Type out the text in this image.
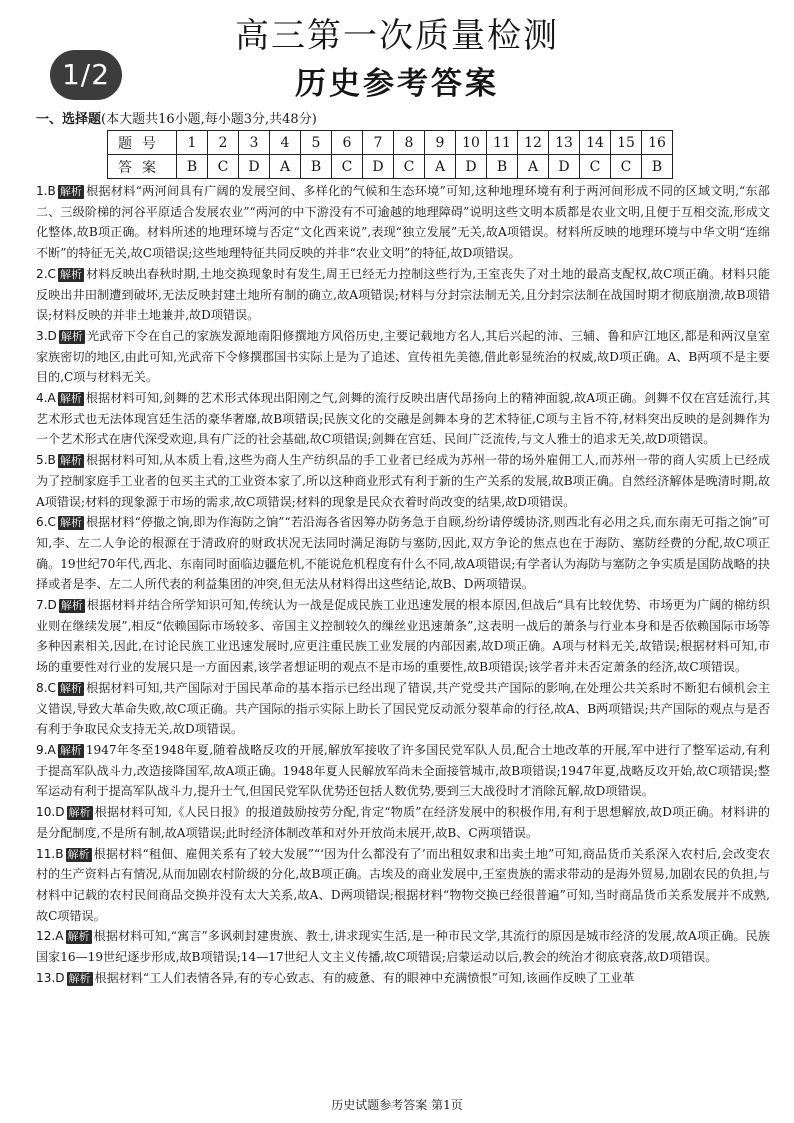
高三第一次质量检测
1/2	历史参考答案
一、选择题(本大题共16小题,每小题3分,共48分)
题号	1	2	3	4	5	6	7	8	9	10	11	12	13	14	15	16
答案	B	C	D	A	B	C	D	C	A	D	B	A	D	C	C	B

1.B 解析 根据材料“两河间具有广阔的发展空间、多样化的气候和生态环境”可知,这种地理环境有利于两河间形成不同的区域文明,“东部二、三级阶梯的河谷平原适合发展农业”“两河的中下游没有不可逾越的地理障碍”说明这些文明本质都是农业文明,且便于互相交流,形成文化整体,故B项正确。材料所述的地理环境与否定“文化西来说”,表现“独立发展”无关,故A项错误。材料所反映的地理环境与中华文明“连绵不断”的特征无关,故C项错误;这些地理特征共同反映的并非“农业文明”的特征,故D项错误。

2.C 解析 材料反映出春秋时期,土地交换现象时有发生,周王已经无力控制这些行为,王室丧失了对土地的最高支配权,故C项正确。材料只能反映出井田制遭到破坏,无法反映封建土地所有制的确立,故A项错误;材料与分封宗法制无关,且分封宗法制在战国时期才彻底崩溃,故B项错误;材料反映的并非土地兼并,故D项错误。

3.D 解析 光武帝下令在自己的家族发源地南阳修撰地方风俗历史,主要记载地方名人,其后兴起的沛、三辅、鲁和庐江地区,都是和两汉皇室家族密切的地区,由此可知,光武帝下令修撰郡国书实际上是为了追述、宣传祖先美德,借此彰显统治的权威,故D项正确。A、B两项不是主要目的,C项与材料无关。

4.A 解析 根据材料可知,剑舞的艺术形式体现出阳刚之气,剑舞的流行反映出唐代昂扬向上的精神面貌,故A项正确。剑舞不仅在宫廷流行,其艺术形式也无法体现宫廷生活的豪华奢靡,故B项错误;民族文化的交融是剑舞本身的艺术特征,C项与主旨不符,材料突出反映的是剑舞作为一个艺术形式在唐代深受欢迎,具有广泛的社会基础,故C项错误;剑舞在宫廷、民间广泛流传,与文人雅士的追求无关,故D项错误。

5.B 解析 根据材料可知,从本质上看,这些为商人生产纺织品的手工业者已经成为苏州一带的场外雇佣工人,而苏州一带的商人实质上已经成为了控制家庭手工业者的包买主式的工业资本家了,所以这种商业形式有利于新的生产关系的发展,故B项正确。自然经济解体是晚清时期,故A项错误;材料的现象源于市场的需求,故C项错误;材料的现象是民众衣着时尚改变的结果,故D项错误。

6.C 解析 根据材料“停撤之饷,即为作海防之饷”“若沿海各省因筹办防务急于自顾,纷纷请停缓协济,则西北有必用之兵,而东南无可指之饷”可知,李、左二人争论的根源在于清政府的财政状况无法同时满足海防与塞防,因此,双方争论的焦点也在于海防、塞防经费的分配,故C项正确。19世纪70年代,西北、东南同时面临边疆危机,不能说危机程度有什么不同,故A项错误;有学者认为海防与塞防之争实质是国防战略的抉择或者是李、左二人所代表的利益集团的冲突,但无法从材料得出这些结论,故B、D两项错误。

7.D 解析 根据材料并结合所学知识可知,传统认为一战是促成民族工业迅速发展的根本原因,但战后“具有比较优势、市场更为广阔的棉纺织业则在继续发展”,相反“依赖国际市场较多、帝国主义控制较久的缫丝业迅速萧条”,这表明一战后的萧条与行业本身和是否依赖国际市场等多种因素相关,因此,在讨论民族工业迅速发展时,应更注重民族工业发展的内部因素,故D项正确。A项与材料无关,故错误;根据材料可知,市场的重要性对行业的发展只是一方面因素,该学者想证明的观点不是市场的重要性,故B项错误;该学者并未否定萧条的经济,故C项错误。

8.C 解析 根据材料可知,共产国际对于国民革命的基本指示已经出现了错误,共产党受共产国际的影响,在处理公共关系时不断犯右倾机会主义错误,导致大革命失败,故C项正确。共产国际的指示实际上助长了国民党反动派分裂革命的行径,故A、B两项错误;共产国际的观点与是否有利于争取民众支持无关,故D项错误。

9.A 解析 1947年冬至1948年夏,随着战略反攻的开展,解放军接收了许多国民党军队人员,配合土地改革的开展,军中进行了整军运动,有利于提高军队战斗力,改造接降国军,故A项正确。1948年夏人民解放军尚未全面接管城市,故B项错误;1947年夏,战略反攻开始,故C项错误;整军运动有利于提高军队战斗力,提升士气,但国民党军队优势还包括人数优势,要到三大战役时才消除瓦解,故D项错误。

10.D 解析 根据材料可知,《人民日报》的报道鼓励按劳分配,肯定“物质”在经济发展中的积极作用,有利于思想解放,故D项正确。材料讲的是分配制度,不是所有制,故A项错误;此时经济体制改革和对外开放尚未展开,故B、C两项错误。

11.B 解析 根据材料“租佃、雇佣关系有了较大发展”“‘因为什么都没有了’而出租奴隶和出卖土地”可知,商品货币关系深入农村后,会改变农村的生产资料占有情况,从而加剧农村阶级的分化,故B项正确。古埃及的商业发展中,王室贵族的需求带动的是海外贸易,加剧农民的负担,与材料中记载的农村民间商品交换并没有太大关系,故A、D两项错误;根据材料“物物交换已经很普遍”可知,当时商品货币关系发展并不成熟,故C项错误。

12.A 解析 根据材料可知,“寓言”多讽刺封建贵族、教士,讲求现实生活,是一种市民文学,其流行的原因是城市经济的发展,故A项正确。民族国家16—19世纪逐步形成,故B项错误;14—17世纪人文主义传播,故C项错误;启蒙运动以后,教会的统治才彻底衰落,故D项错误。

13.D 解析 根据材料“工人们表情各异,有的专心致志、有的疲惫、有的眼神中充满愤恨”可知,该画作反映了工业革

历史试题参考答案 第1页
